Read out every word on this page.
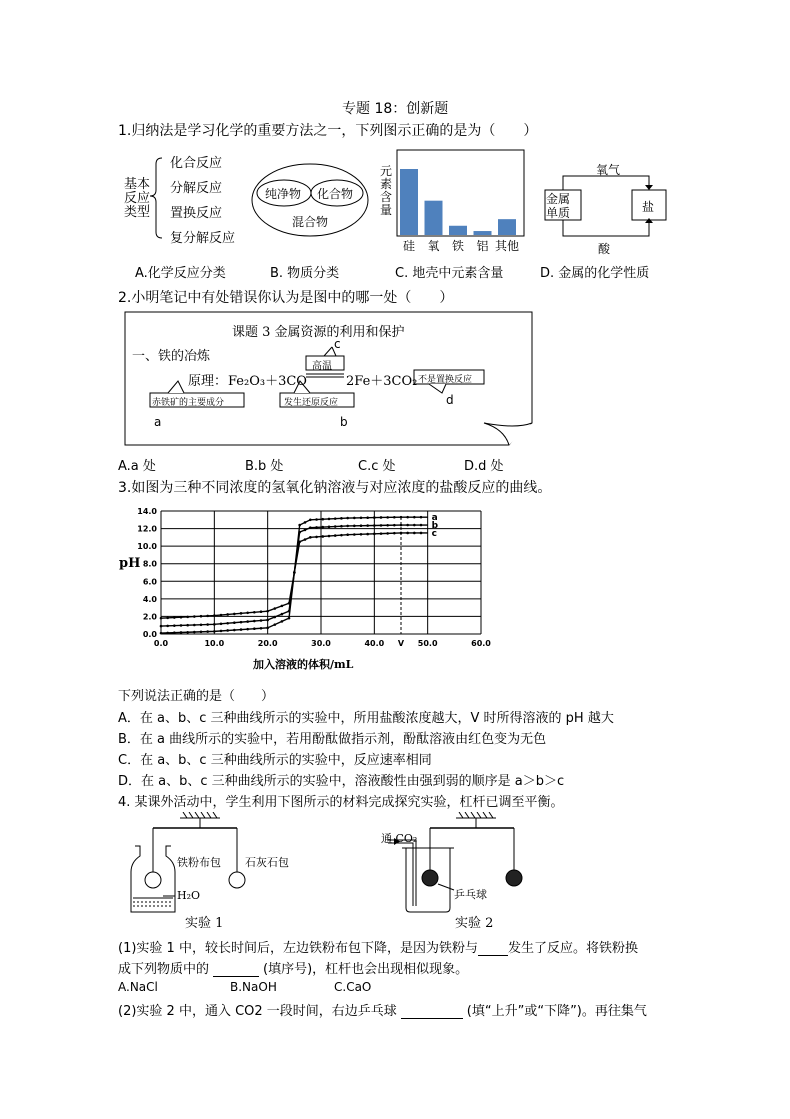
专题 18：创新题
1.归纳法是学习化学的重要方法之一，下列图示正确的是为（　　）
基本
反应
类型
化合反应
分解反应
置换反应
复分解反应
纯净物 化合物
混合物
元
素
含
量
硅 氧 铁 铝 其他
金属
单质	盐
氧气
酸
A.化学反应分类	B. 物质分类	C. 地壳中元素含量	D. 金属的化学性质
2.小明笔记中有处错误你认为是图中的哪一处（　　）
课题 3 金属资源的利用和保护
一、铁的冶炼
原理： Fe₂O₃＋3CO
高温
2Fe＋3CO₂
赤铁矿的主要成分	发生还原反应
不是置换反应
a	b
c
d
A.a 处	B.b 处	C.c 处	D.d 处
3.如图为三种不同浓度的氢氧化钠溶液与对应浓度的盐酸反应的曲线。
14.0
12.0
10.0
8.0
6.0
4.0
2.0
0.0
0.0	10.0	20.0	30.0	40.0	50.0	60.0
V
a
b
c
pH
加入溶液的体积/mL
下列说法正确的是（　　）
A．在 a、b、c 三种曲线所示的实验中，所用盐酸浓度越大，V 时所得溶液的 pH 越大
B．在 a 曲线所示的实验中，若用酚酞做指示剂，酚酞溶液由红色变为无色
C．在 a、b、c 三种曲线所示的实验中，反应速率相同
D．在 a、b、c 三种曲线所示的实验中，溶液酸性由强到弱的顺序是 a＞b＞c
4. 某课外活动中，学生利用下图所示的材料完成探究实验，杠杆已调至平衡。
铁粉布包 石灰石包
H₂O
实验 1
通 CO₂
乒乓球
实验 2
(1)实验 1 中，较长时间后，左边铁粉布包下降，是因为铁粉与 发生了反应。将铁粉换
成下列物质中的	(填序号)，杠杆也会出现相似现象。
A.NaCl	B.NaOH	C.CaO
(2)实验 2 中，通入 CO2 一段时间，右边乒乓球	(填“上升”或“下降”)。再往集气
